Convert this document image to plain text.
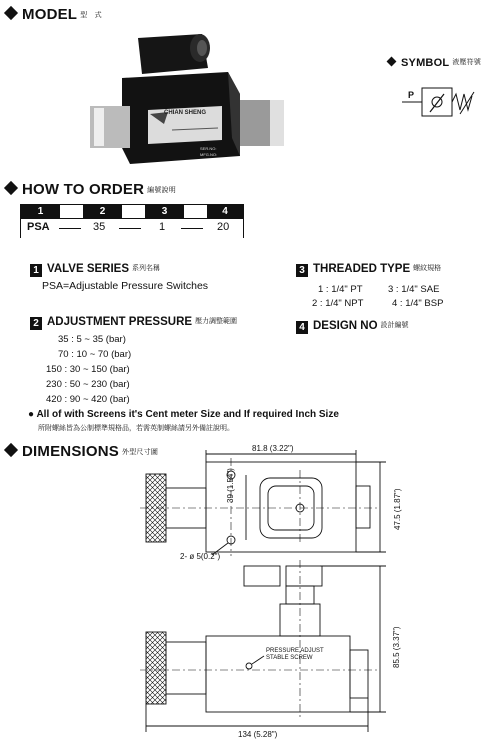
MODEL 型　式
CHIAN SHENG
SER.NO:
MFG.NO:
SYMBOL 液壓符號
P
HOW TO ORDER 編號說明
1	2	3	4
PSA	35	1	20
1 VALVE SERIES 系列名稱
PSA=Adjustable Pressure Switches
2 ADJUSTMENT PRESSURE 壓力調整範圍
35 : 5 ~ 35 (bar)
70 : 10 ~ 70 (bar)
150 : 30 ~ 150 (bar)
230 : 50 ~ 230 (bar)
420 : 90 ~ 420 (bar)
3 THREADED TYPE 螺紋規格
1 : 1/4" PT	3 : 1/4" SAE
2 : 1/4" NPT	4 : 1/4" BSP
4 DESIGN NO 設計編號
● All of with Screens it's Cent meter Size and If required Inch Size
所附螺絲皆為公制標準規格品，若需英制螺絲請另外備註說明。
DIMENSIONS 外型尺寸圖	81.8 (3.22")
39 (1.54")
47.5 (1.87")
2- ø 5(0.2")
85.5 (3.37")
134 (5.28")
PRESSURE ADJUST
STABLE SCREW
